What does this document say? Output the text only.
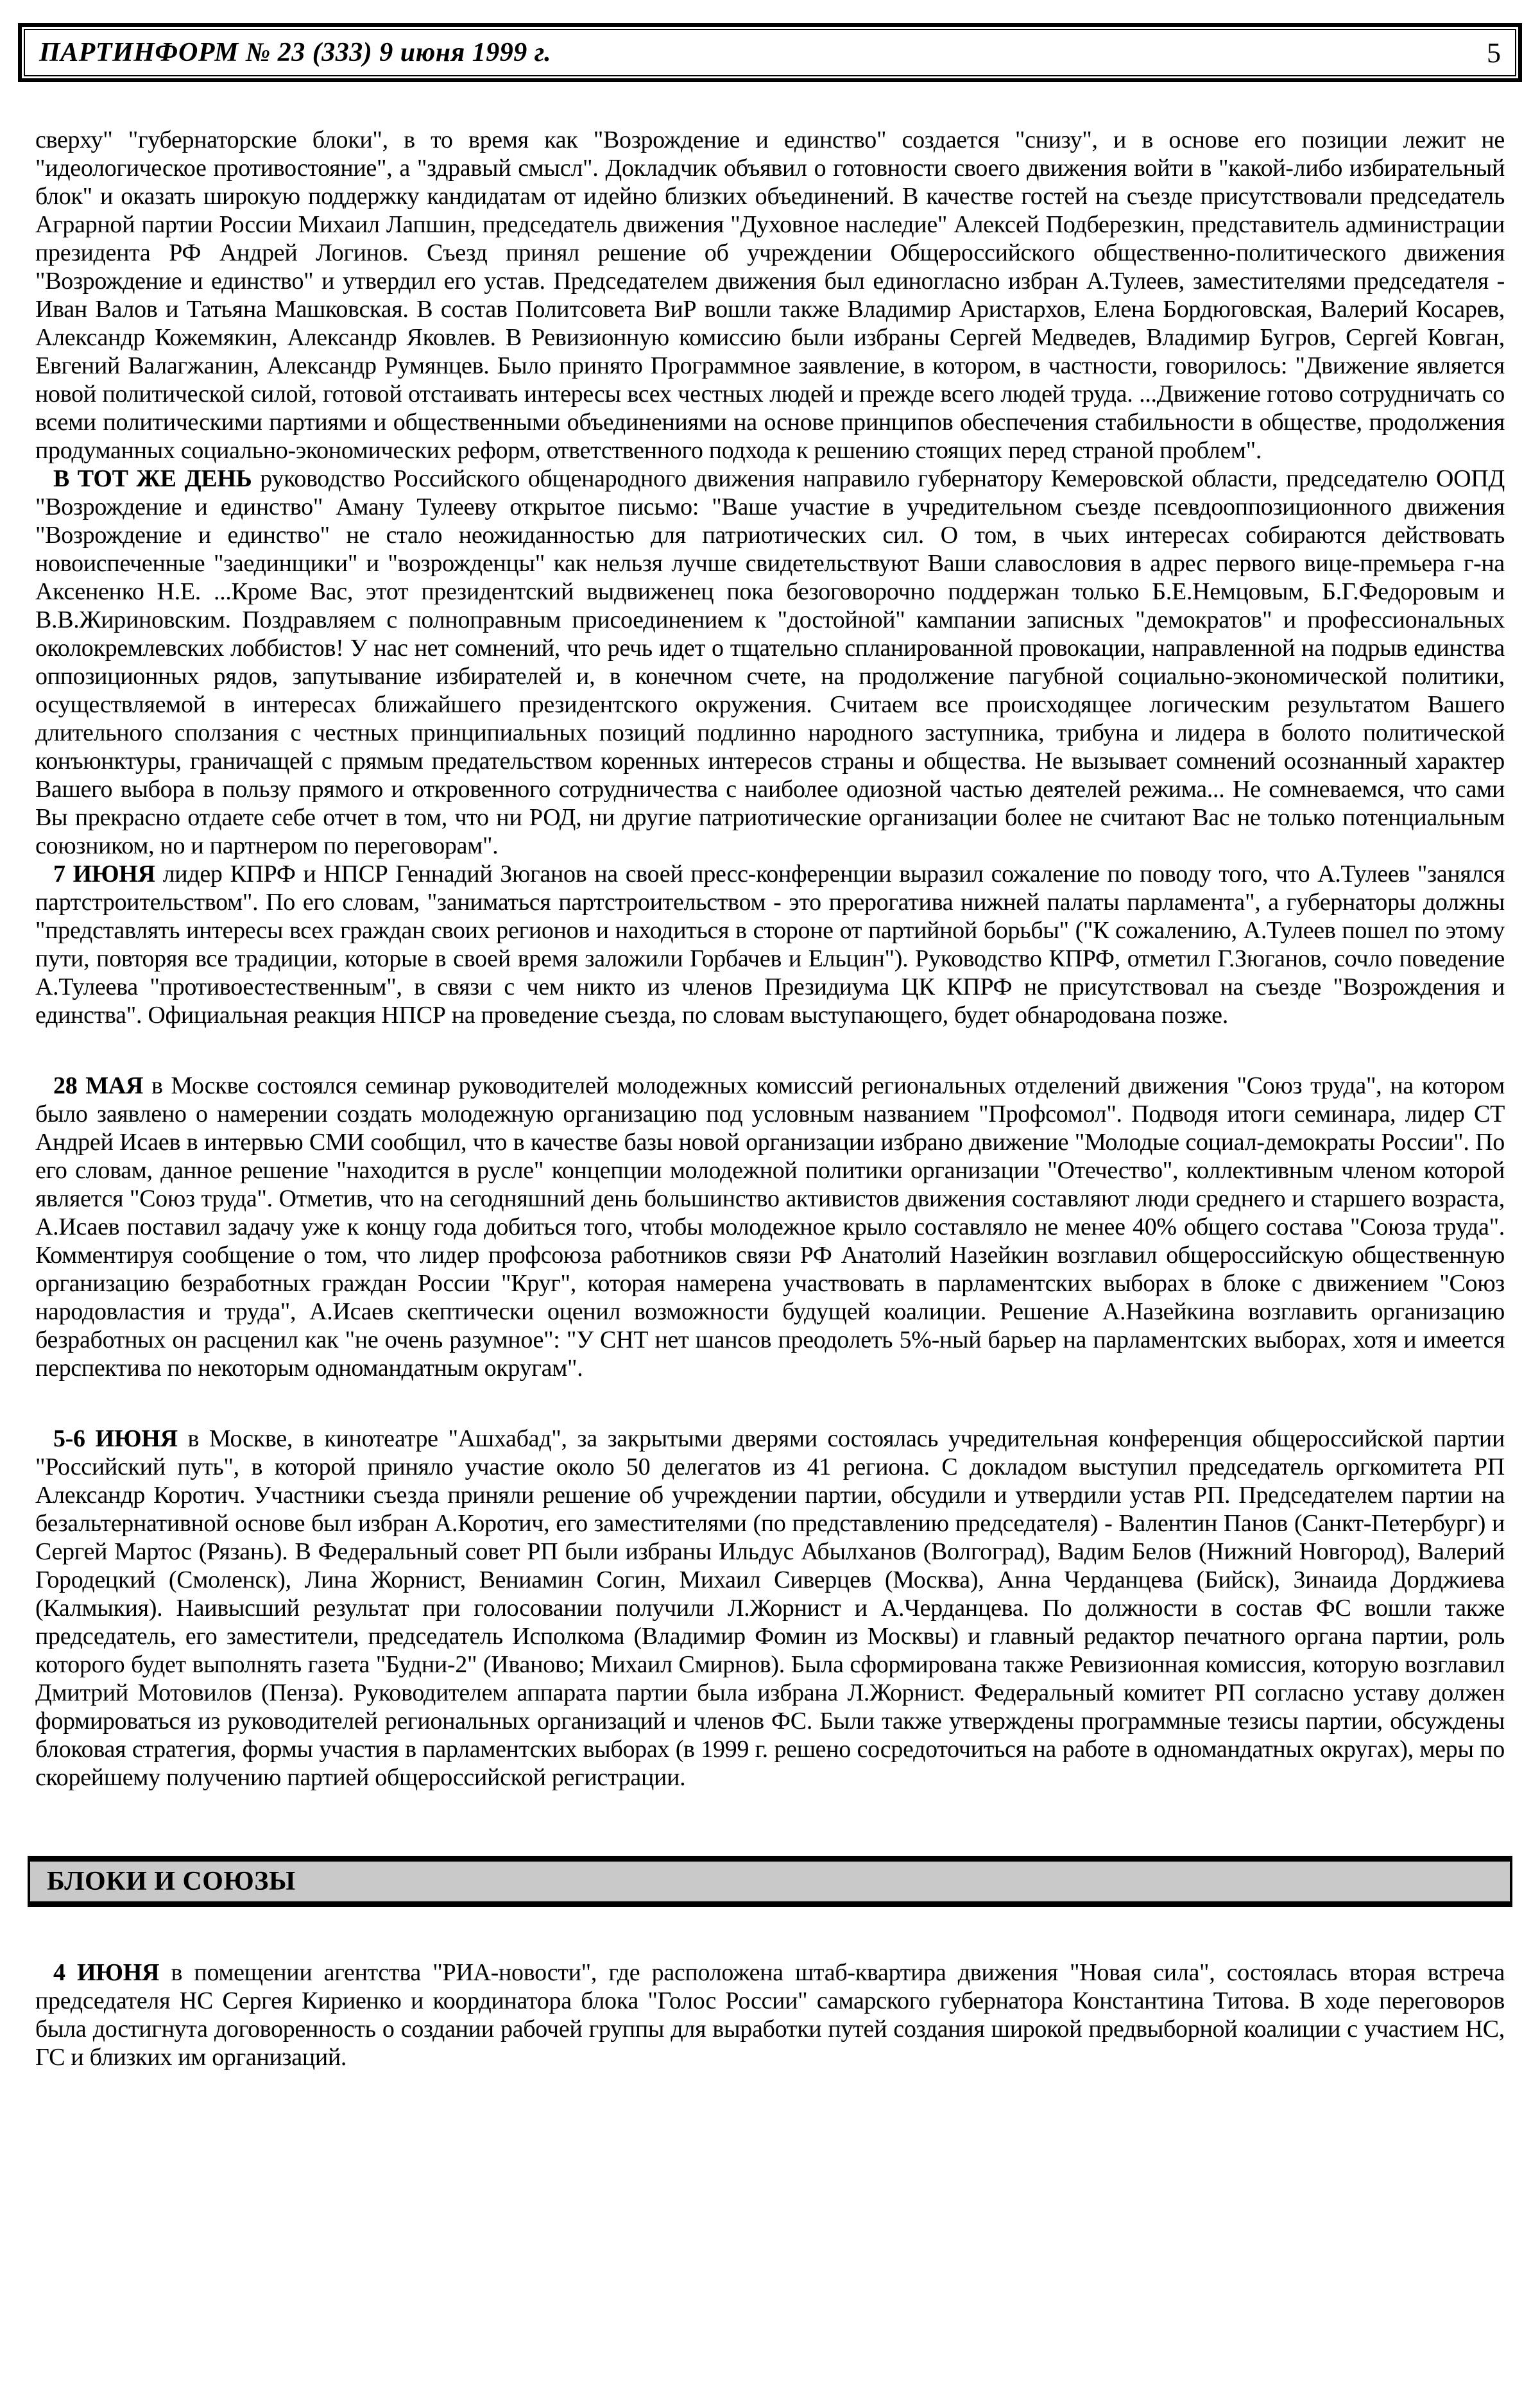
ПАРТИНФОРМ № 23 (333) 9 июня 1999 г.	5

сверху" "губернаторские блоки", в то время как "Возрождение и единство" создается "снизу", и в основе его позиции лежит не "идеологическое противостояние", а "здравый смысл". Докладчик объявил о готовности своего движения войти в "какой-либо избирательный блок" и оказать широкую поддержку кандидатам от идейно близких объединений. В качестве гостей на съезде присутствовали председатель Аграрной партии России Михаил Лапшин, председатель движения "Духовное наследие" Алексей Подберезкин, представитель администрации президента РФ Андрей Логинов. Съезд принял решение об учреждении Общероссийского общественно-политического движения "Возрождение и единство" и утвердил его устав. Председателем движения был единогласно избран А.Тулеев, заместителями председателя - Иван Валов и Татьяна Машковская. В состав Политсовета ВиР вошли также Владимир Аристархов, Елена Бордюговская, Валерий Косарев, Александр Кожемякин, Александр Яковлев. В Ревизионную комиссию были избраны Сергей Медведев, Владимир Бугров, Сергей Ковган, Евгений Валагжанин, Александр Румянцев. Было принято Программное заявление, в котором, в частности, говорилось: "Движение является новой политической силой, готовой отстаивать интересы всех честных людей и прежде всего людей труда. ...Движение готово сотрудничать со всеми политическими партиями и общественными объединениями на основе принципов обеспечения стабильности в обществе, продолжения продуманных социально-экономических реформ, ответственного подхода к решению стоящих перед страной проблем".

В ТОТ ЖЕ ДЕНЬ руководство Российского общенародного движения направило губернатору Кемеровской области, председателю ООПД "Возрождение и единство" Аману Тулееву открытое письмо: "Ваше участие в учредительном съезде псевдооппозиционного движения "Возрождение и единство" не стало неожиданностью для патриотических сил. О том, в чьих интересах собираются действовать новоиспеченные "заединщики" и "возрожденцы" как нельзя лучше свидетельствуют Ваши славословия в адрес первого вице-премьера г-на Аксененко Н.Е. ...Кроме Вас, этот президентский выдвиженец пока безоговорочно поддержан только Б.Е.Немцовым, Б.Г.Федоровым и В.В.Жириновским. Поздравляем с полноправным присоединением к "достойной" кампании записных "демократов" и профессиональных околокремлевских лоббистов! У нас нет сомнений, что речь идет о тщательно спланированной провокации, направленной на подрыв единства оппозиционных рядов, запутывание избирателей и, в конечном счете, на продолжение пагубной социально-экономической политики, осуществляемой в интересах ближайшего президентского окружения. Считаем все происходящее логическим результатом Вашего длительного сползания с честных принципиальных позиций подлинно народного заступника, трибуна и лидера в болото политической конъюнктуры, граничащей с прямым предательством коренных интересов страны и общества. Не вызывает сомнений осознанный характер Вашего выбора в пользу прямого и откровенного сотрудничества с наиболее одиозной частью деятелей режима... Не сомневаемся, что сами Вы прекрасно отдаете себе отчет в том, что ни РОД, ни другие патриотические организации более не считают Вас не только потенциальным союзником, но и партнером по переговорам".

7 ИЮНЯ лидер КПРФ и НПСР Геннадий Зюганов на своей пресс-конференции выразил сожаление по поводу того, что А.Тулеев "занялся партстроительством". По его словам, "заниматься партстроительством - это прерогатива нижней палаты парламента", а губернаторы должны "представлять интересы всех граждан своих регионов и находиться в стороне от партийной борьбы" ("К сожалению, А.Тулеев пошел по этому пути, повторяя все традиции, которые в своей время заложили Горбачев и Ельцин"). Руководство КПРФ, отметил Г.Зюганов, сочло поведение А.Тулеева "противоестественным", в связи с чем никто из членов Президиума ЦК КПРФ не присутствовал на съезде "Возрождения и единства". Официальная реакция НПСР на проведение съезда, по словам выступающего, будет обнародована позже.

28 МАЯ в Москве состоялся семинар руководителей молодежных комиссий региональных отделений движения "Союз труда", на котором было заявлено о намерении создать молодежную организацию под условным названием "Профсомол". Подводя итоги семинара, лидер СТ Андрей Исаев в интервью СМИ сообщил, что в качестве базы новой организации избрано движение "Молодые социал-демократы России". По его словам, данное решение "находится в русле" концепции молодежной политики организации "Отечество", коллективным членом которой является "Союз труда". Отметив, что на сегодняшний день большинство активистов движения составляют люди среднего и старшего возраста, А.Исаев поставил задачу уже к концу года добиться того, чтобы молодежное крыло составляло не менее 40% общего состава "Союза труда". Комментируя сообщение о том, что лидер профсоюза работников связи РФ Анатолий Назейкин возглавил общероссийскую общественную организацию безработных граждан России "Круг", которая намерена участвовать в парламентских выборах в блоке с движением "Союз народовластия и труда", А.Исаев скептически оценил возможности будущей коалиции. Решение А.Назейкина возглавить организацию безработных он расценил как "не очень разумное": "У СНТ нет шансов преодолеть 5%-ный барьер на парламентских выборах, хотя и имеется перспектива по некоторым одномандатным округам".

5-6 ИЮНЯ в Москве, в кинотеатре "Ашхабад", за закрытыми дверями состоялась учредительная конференция общероссийской партии "Российский путь", в которой приняло участие около 50 делегатов из 41 региона. С докладом выступил председатель оргкомитета РП Александр Коротич. Участники съезда приняли решение об учреждении партии, обсудили и утвердили устав РП. Председателем партии на безальтернативной основе был избран А.Коротич, его заместителями (по представлению председателя) - Валентин Панов (Санкт-Петербург) и Сергей Мартос (Рязань). В Федеральный совет РП были избраны Ильдус Абылханов (Волгоград), Вадим Белов (Нижний Новгород), Валерий Городецкий (Смоленск), Лина Жорнист, Вениамин Согин, Михаил Сиверцев (Москва), Анна Черданцева (Бийск), Зинаида Дорджиева (Калмыкия). Наивысший результат при голосовании получили Л.Жорнист и А.Черданцева. По должности в состав ФС вошли также председатель, его заместители, председатель Исполкома (Владимир Фомин из Москвы) и главный редактор печатного органа партии, роль которого будет выполнять газета "Будни-2" (Иваново; Михаил Смирнов). Была сформирована также Ревизионная комиссия, которую возглавил Дмитрий Мотовилов (Пенза). Руководителем аппарата партии была избрана Л.Жорнист. Федеральный комитет РП согласно уставу должен формироваться из руководителей региональных организаций и членов ФС. Были также утверждены программные тезисы партии, обсуждены блоковая стратегия, формы участия в парламентских выборах (в 1999 г. решено сосредоточиться на работе в одномандатных округах), меры по скорейшему получению партией общероссийской регистрации.

БЛОКИ И СОЮЗЫ

4 ИЮНЯ в помещении агентства "РИА-новости", где расположена штаб-квартира движения "Новая сила", состоялась вторая встреча председателя НС Сергея Кириенко и координатора блока "Голос России" самарского губернатора Константина Титова. В ходе переговоров была достигнута договоренность о создании рабочей группы для выработки путей создания широкой предвыборной коалиции с участием НС, ГС и близких им организаций.
